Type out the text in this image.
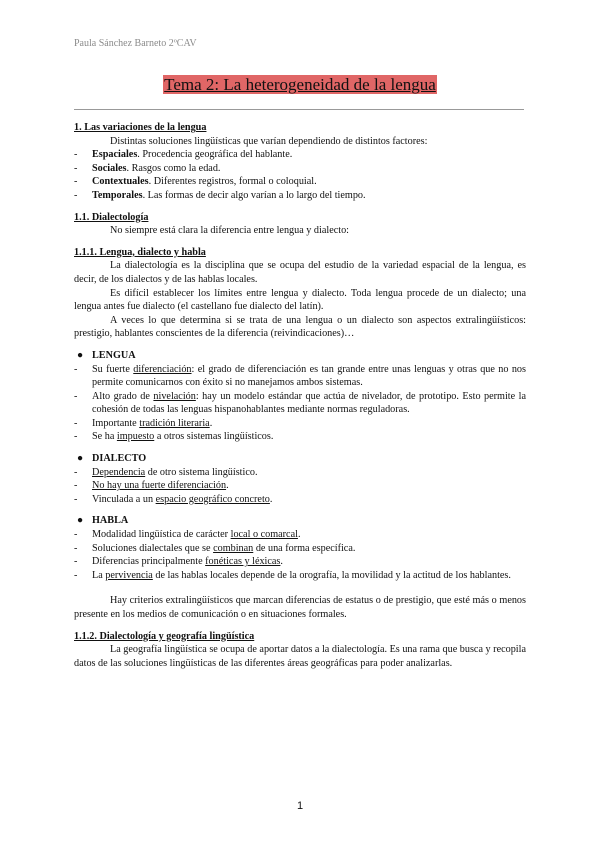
Paula Sánchez Barneto 2ºCAV
Tema 2: La heterogeneidad de la lengua

1. Las variaciones de la lengua

Distintas soluciones lingüísticas que varían dependiendo de distintos factores:

- Espaciales. Procedencia geográfica del hablante.

- Sociales. Rasgos como la edad.

- Contextuales. Diferentes registros, formal o coloquial.

- Temporales. Las formas de decir algo varían a lo largo del tiempo.

1.1. Dialectología

No siempre está clara la diferencia entre lengua y dialecto:

1.1.1. Lengua, dialecto y habla

La dialectología es la disciplina que se ocupa del estudio de la variedad espacial de la lengua, es decir, de los dialectos y de las hablas locales.

Es difícil establecer los límites entre lengua y dialecto. Toda lengua procede de un dialecto; una lengua antes fue dialecto (el castellano fue dialecto del latín).

A veces lo que determina si se trata de una lengua o un dialecto son aspectos extralingüísticos: prestigio, hablantes conscientes de la diferencia (reivindicaciones)…

● LENGUA

- Su fuerte diferenciación: el grado de diferenciación es tan grande entre unas lenguas y otras que no nos permite comunicarnos con éxito si no manejamos ambos sistemas.

- Alto grado de nivelación: hay un modelo estándar que actúa de nivelador, de prototipo. Esto permite la cohesión de todas las lenguas hispanohablantes mediante normas reguladoras.

- Importante tradición literaria.

- Se ha impuesto a otros sistemas lingüísticos.

● DIALECTO

- Dependencia de otro sistema lingüístico.

- No hay una fuerte diferenciación.

- Vinculada a un espacio geográfico concreto.

● HABLA

- Modalidad lingüística de carácter local o comarcal.

- Soluciones dialectales que se combinan de una forma específica.

- Diferencias principalmente fonéticas y léxicas.

- La pervivencia de las hablas locales depende de la orografía, la movilidad y la actitud de los hablantes.

Hay criterios extralingüísticos que marcan diferencias de estatus o de prestigio, que esté más o menos presente en los medios de comunicación o en situaciones formales.

1.1.2. Dialectología y geografía lingüística

La geografía lingüística se ocupa de aportar datos a la dialectología. Es una rama que busca y recopila datos de las soluciones lingüísticas de las diferentes áreas geográficas para poder analizarlas.

1
